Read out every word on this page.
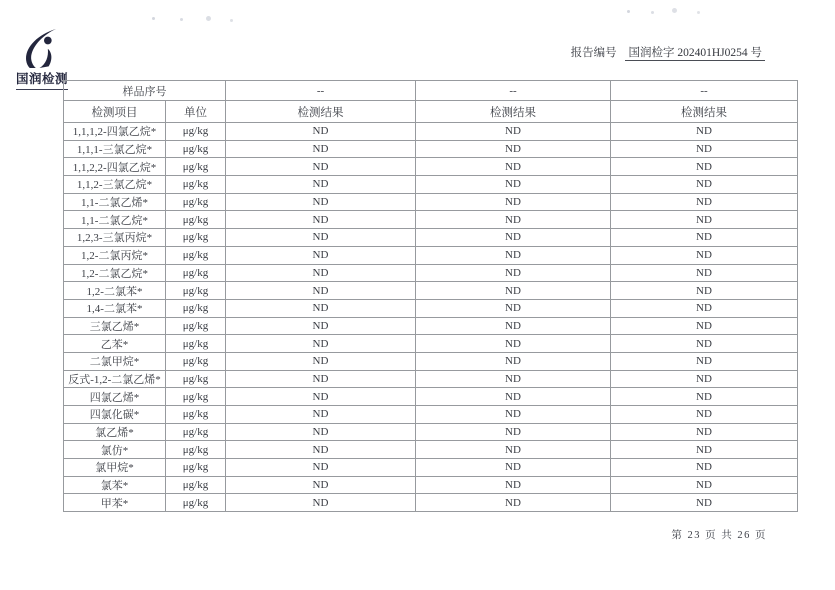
国润检测
报告编号 国润检字 202401HJ0254 号
样品序号		--	--	--
检测项目	单位	检测结果	检测结果	检测结果
1,1,1,2-四氯乙烷*	μg/kg	ND	ND	ND
1,1,1-三氯乙烷*	μg/kg	ND	ND	ND
1,1,2,2-四氯乙烷*	μg/kg	ND	ND	ND
1,1,2-三氯乙烷*	μg/kg	ND	ND	ND
1,1-二氯乙烯*	μg/kg	ND	ND	ND
1,1-二氯乙烷*	μg/kg	ND	ND	ND
1,2,3-三氯丙烷*	μg/kg	ND	ND	ND
1,2-二氯丙烷*	μg/kg	ND	ND	ND
1,2-二氯乙烷*	μg/kg	ND	ND	ND
1,2-二氯苯*	μg/kg	ND	ND	ND
1,4-二氯苯*	μg/kg	ND	ND	ND
三氯乙烯*	μg/kg	ND	ND	ND
乙苯*	μg/kg	ND	ND	ND
二氯甲烷*	μg/kg	ND	ND	ND
反式-1,2-二氯乙烯*	μg/kg	ND	ND	ND
四氯乙烯*	μg/kg	ND	ND	ND
四氯化碳*	μg/kg	ND	ND	ND
氯乙烯*	μg/kg	ND	ND	ND
氯仿*	μg/kg	ND	ND	ND
氯甲烷*	μg/kg	ND	ND	ND
氯苯*	μg/kg	ND	ND	ND
甲苯*	μg/kg	ND	ND	ND
第 23 页 共 26 页
